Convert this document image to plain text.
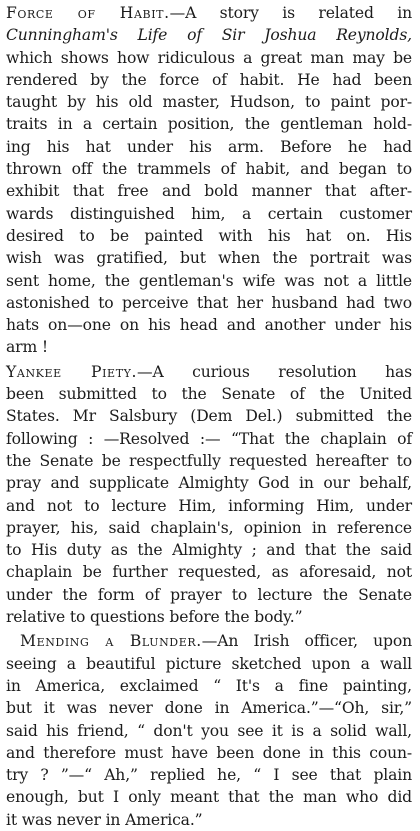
Force of Habit.—A story is related in
Cunningham's Life of Sir Joshua Reynolds,
which shows how ridiculous a great man may be
rendered by the force of habit. He had been
taught by his old master, Hudson, to paint por-
traits in a certain position, the gentleman hold-
ing his hat under his arm. Before he had
thrown off the trammels of habit, and began to
exhibit that free and bold manner that after-
wards distinguished him, a certain customer
desired to be painted with his hat on. His
wish was gratified, but when the portrait was
sent home, the gentleman's wife was not a little
astonished to perceive that her husband had two
hats on—one on his head and another under his
arm !
Yankee Piety.—A curious resolution has
been submitted to the Senate of the United
States. Mr Salsbury (Dem Del.) submitted the
following : —Resolved :— “That the chaplain of
the Senate be respectfully requested hereafter to
pray and supplicate Almighty God in our behalf,
and not to lecture Him, informing Him, under
prayer, his, said chaplain's, opinion in reference
to His duty as the Almighty ; and that the said
chaplain be further requested, as aforesaid, not
under the form of prayer to lecture the Senate
relative to questions before the body.”
Mending a Blunder.—An Irish officer, upon
seeing a beautiful picture sketched upon a wall
in America, exclaimed “ It's a fine painting,
but it was never done in America.”—“Oh, sir,”
said his friend, “ don't you see it is a solid wall,
and therefore must have been done in this coun-
try ? ”—“ Ah,” replied he, “ I see that plain
enough, but I only meant that the man who did
it was never in America.”
